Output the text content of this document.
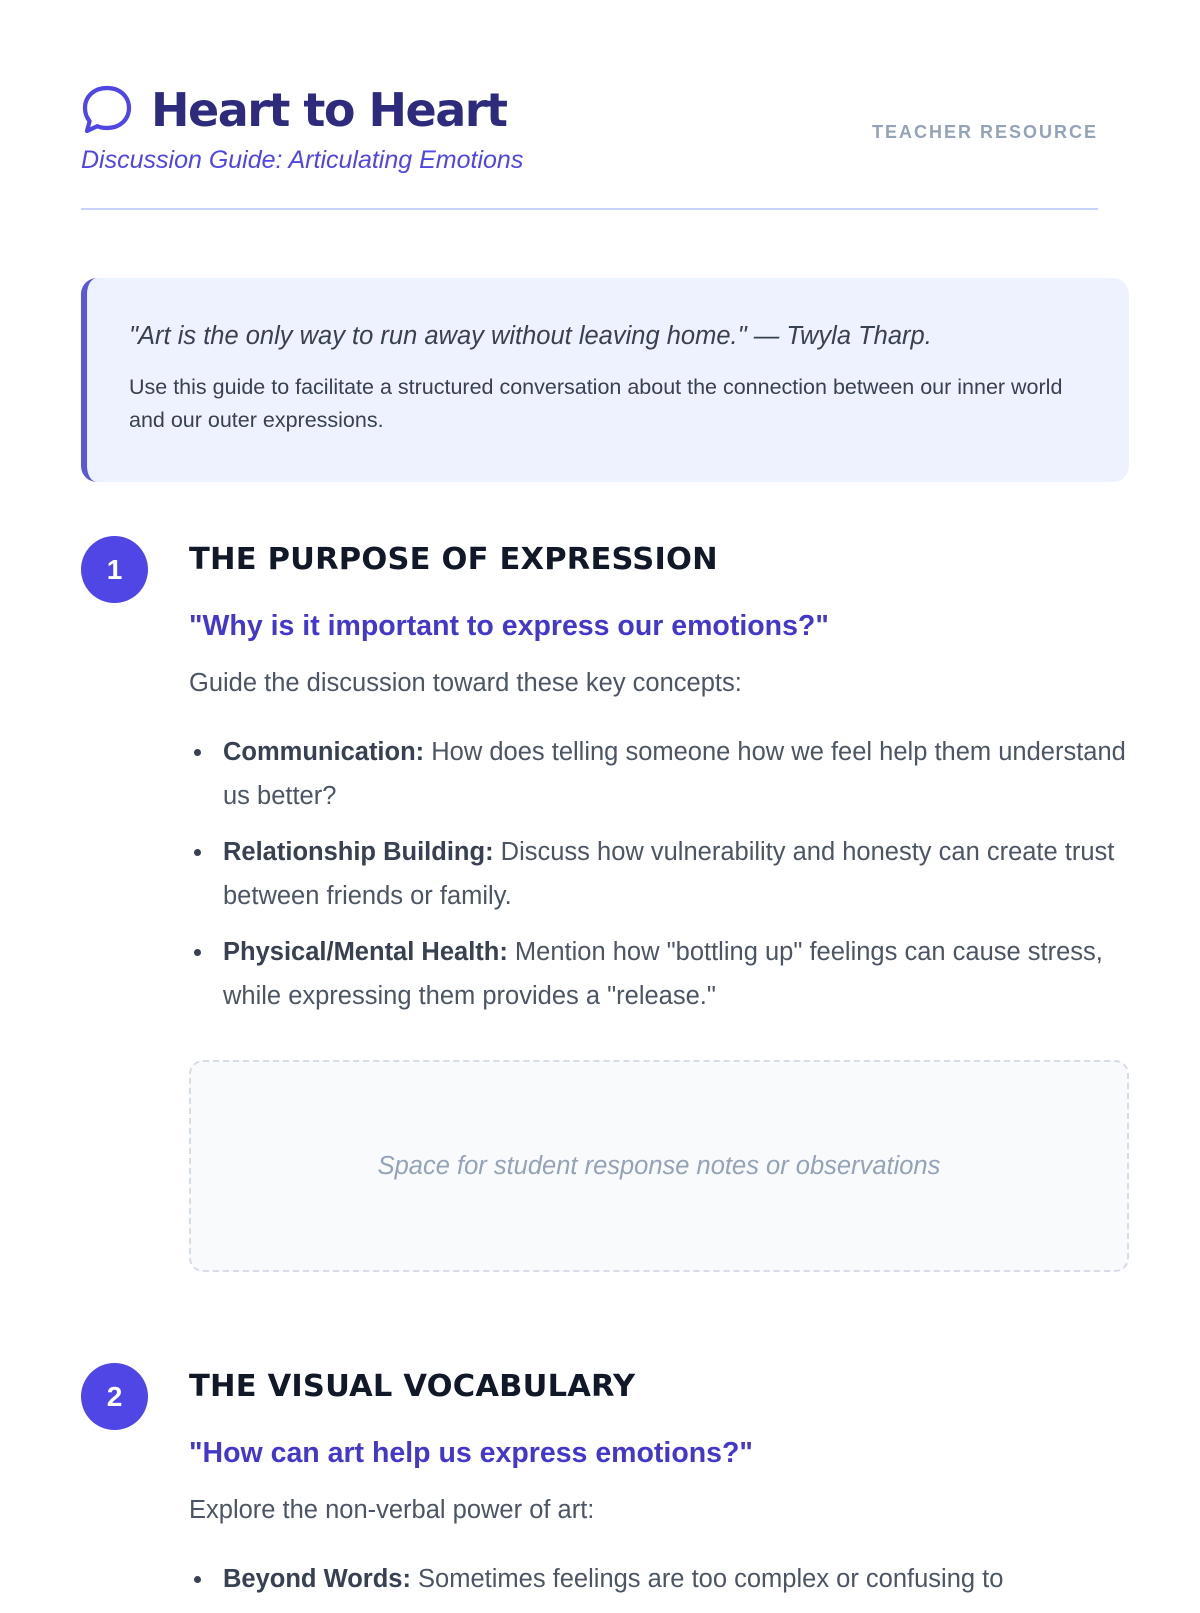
Heart to Heart
Discussion Guide: Articulating Emotions
TEACHER RESOURCE

"Art is the only way to run away without leaving home." — Twyla Tharp.

Use this guide to facilitate a structured conversation about the connection between our inner world and our outer expressions.

1	THE PURPOSE OF EXPRESSION

"Why is it important to express our emotions?"

Guide the discussion toward these key concepts:

Communication: How does telling someone how we feel help them understand us better?
Relationship Building: Discuss how vulnerability and honesty can create trust between friends or family.
Physical/Mental Health: Mention how "bottling up" feelings can cause stress, while expressing them provides a "release."
Space for student response notes or observations
2	THE VISUAL VOCABULARY

"How can art help us express emotions?"

Explore the non-verbal power of art:

Beyond Words: Sometimes feelings are too complex or confusing to
